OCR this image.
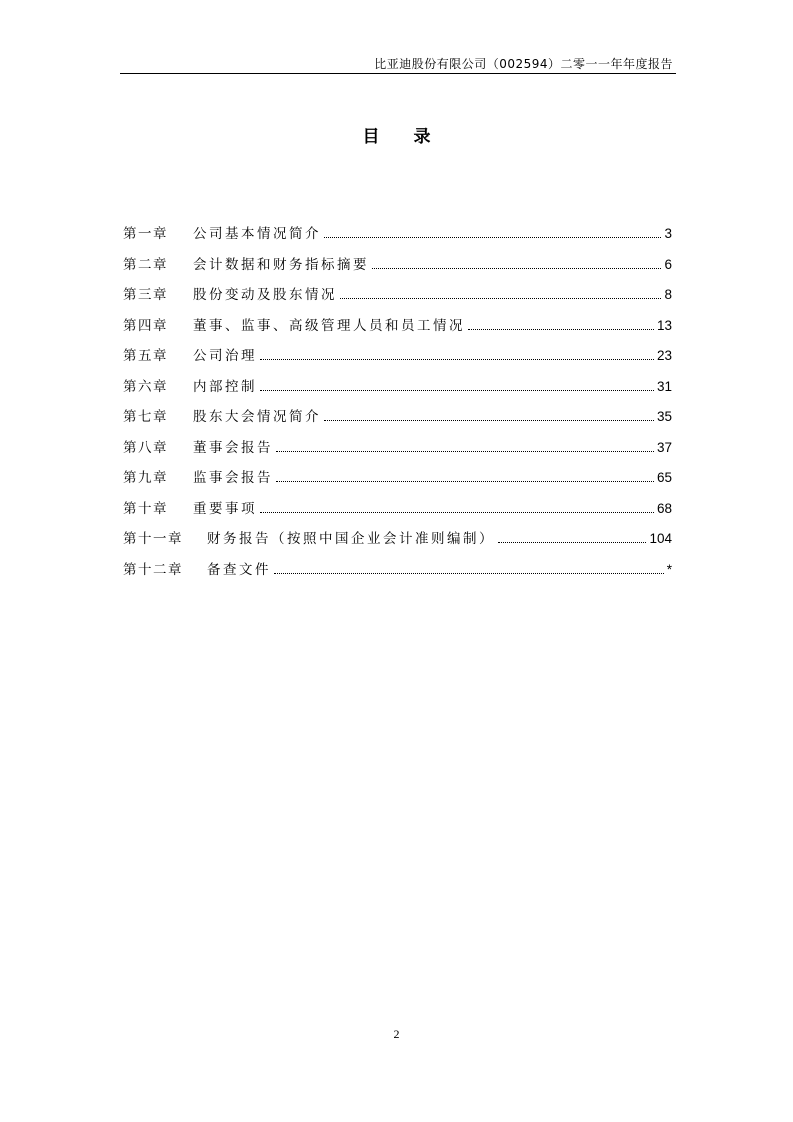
比亚迪股份有限公司（002594）二零一一年年度报告
目 录
第一章	公司基本情况简介	3
第二章	会计数据和财务指标摘要	6
第三章	股份变动及股东情况	8
第四章	董事、监事、高级管理人员和员工情况	13
第五章	公司治理	23
第六章	内部控制	31
第七章	股东大会情况简介	35
第八章	董事会报告	37
第九章	监事会报告	65
第十章	重要事项	68
第十一章	财务报告（按照中国企业会计准则编制）	104
第十二章	备查文件	*
2
